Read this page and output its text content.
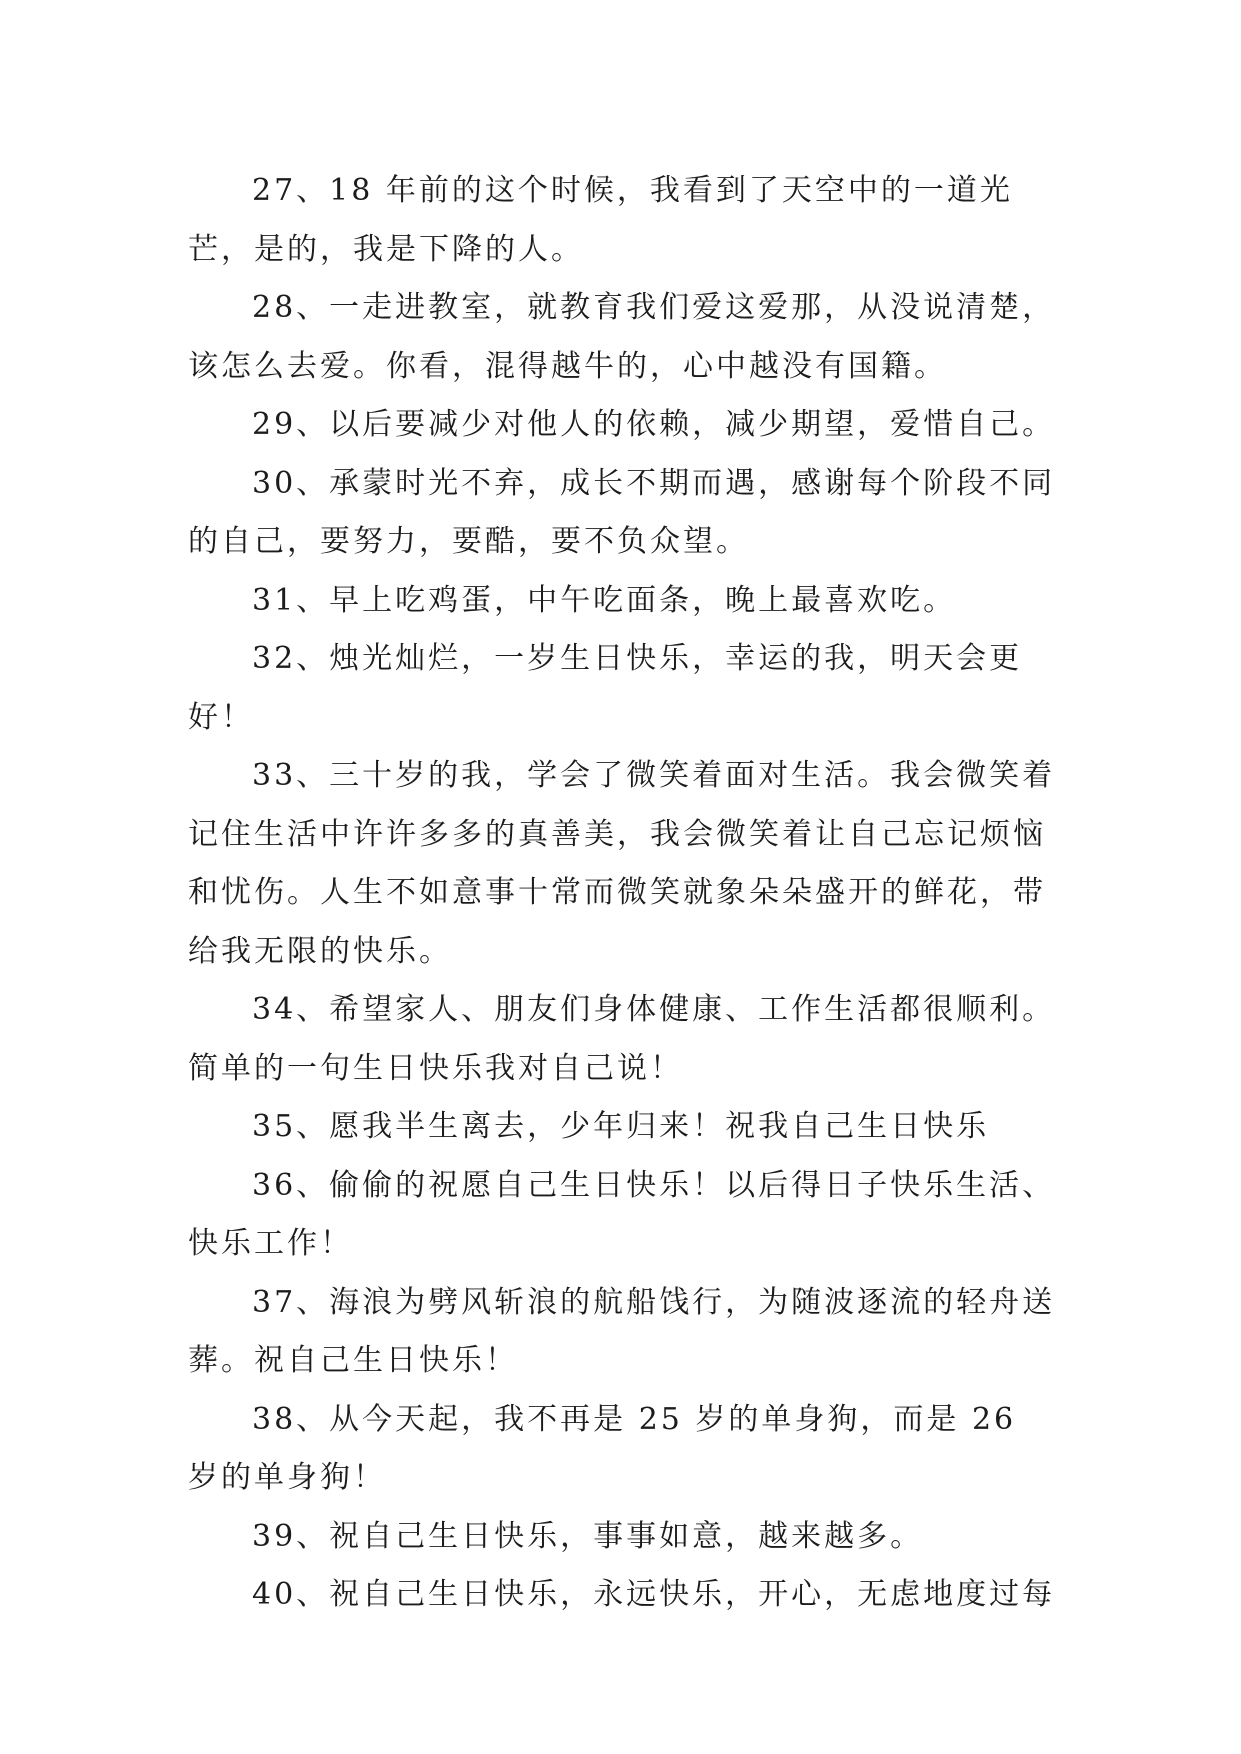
27、18 年前的这个时候，我看到了天空中的一道光芒，是的，我是下降的人。

28、一走进教室，就教育我们爱这爱那，从没说清楚，该怎么去爱。你看，混得越牛的，心中越没有国籍。

29、以后要减少对他人的依赖，减少期望，爱惜自己。

30、承蒙时光不弃，成长不期而遇，感谢每个阶段不同的自己，要努力，要酷，要不负众望。

31、早上吃鸡蛋，中午吃面条，晚上最喜欢吃。

32、烛光灿烂，一岁生日快乐，幸运的我，明天会更好！

33、三十岁的我，学会了微笑着面对生活。我会微笑着记住生活中许许多多的真善美，我会微笑着让自己忘记烦恼和忧伤。人生不如意事十常而微笑就象朵朵盛开的鲜花，带给我无限的快乐。

34、希望家人、朋友们身体健康、工作生活都很顺利。简单的一句生日快乐我对自己说！

35、愿我半生离去，少年归来！祝我自己生日快乐

36、偷偷的祝愿自己生日快乐！以后得日子快乐生活、快乐工作！

37、海浪为劈风斩浪的航船饯行，为随波逐流的轻舟送葬。祝自己生日快乐！

38、从今天起，我不再是 25 岁的单身狗，而是 26 岁的单身狗！

39、祝自己生日快乐，事事如意，越来越多。

40、祝自己生日快乐，永远快乐，开心，无虑地度过每
